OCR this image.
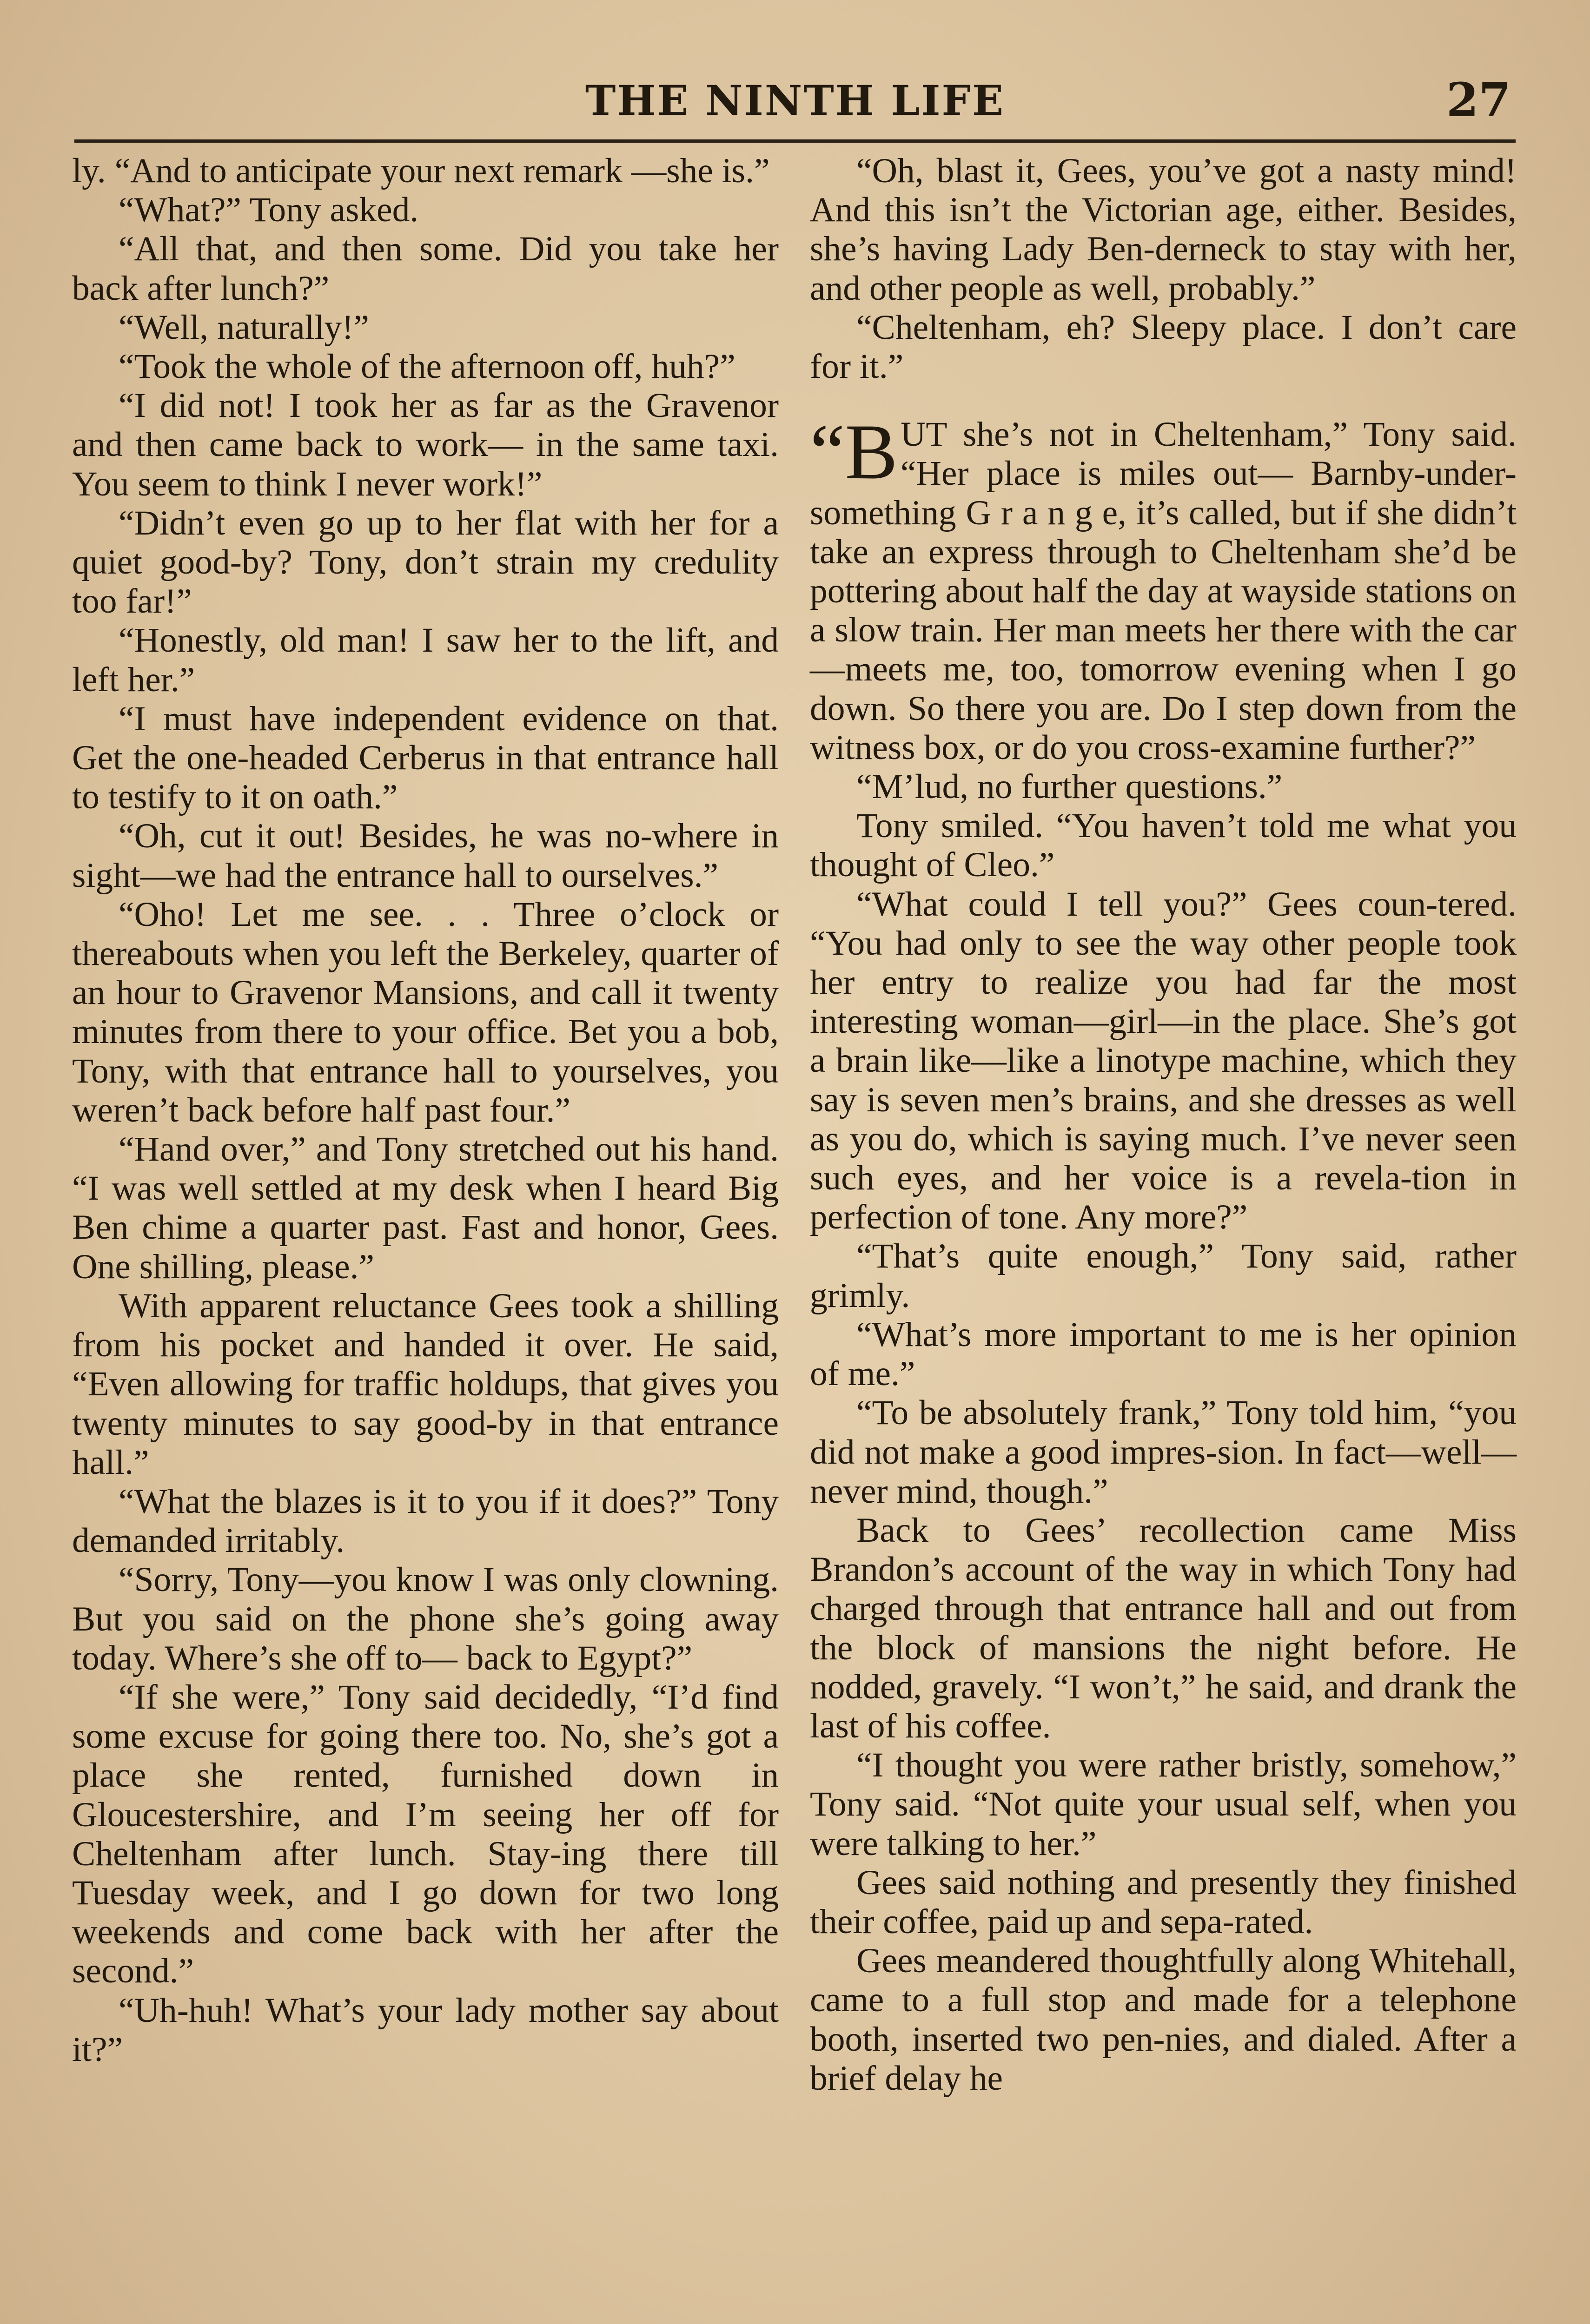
THE NINTH LIFE	27

ly. “And to anticipate your next remark —she is.”

“What?” Tony asked.

“All that, and then some. Did you take her back after lunch?”

“Well, naturally!”

“Took the whole of the afternoon off, huh?”

“I did not! I took her as far as the Gravenor and then came back to work— in the same taxi. You seem to think I never work!”

“Didn’t even go up to her flat with her for a quiet good-by? Tony, don’t strain my credulity too far!”

“Honestly, old man! I saw her to the lift, and left her.”

“I must have independent evidence on that. Get the one-headed Cerberus in that entrance hall to testify to it on oath.”

“Oh, cut it out! Besides, he was no-where in sight—we had the entrance hall to ourselves.”

“Oho! Let me see. . . Three o’clock or thereabouts when you left the Berkeley, quarter of an hour to Gravenor Mansions, and call it twenty minutes from there to your office. Bet you a bob, Tony, with that entrance hall to yourselves, you weren’t back before half past four.”

“Hand over,” and Tony stretched out his hand. “I was well settled at my desk when I heard Big Ben chime a quarter past. Fast and honor, Gees. One shilling, please.”

With apparent reluctance Gees took a shilling from his pocket and handed it over. He said, “Even allowing for traffic holdups, that gives you twenty minutes to say good-by in that entrance hall.”

“What the blazes is it to you if it does?” Tony demanded irritably.

“Sorry, Tony—you know I was only clowning. But you said on the phone she’s going away today. Where’s she off to— back to Egypt?”

“If she were,” Tony said decidedly, “I’d find some excuse for going there too. No, she’s got a place she rented, furnished down in Gloucestershire, and I’m seeing her off for Cheltenham after lunch. Stay-ing there till Tuesday week, and I go down for two long weekends and come back with her after the second.”

“Uh-huh! What’s your lady mother say about it?”

“Oh, blast it, Gees, you’ve got a nasty mind! And this isn’t the Victorian age, either. Besides, she’s having Lady Ben-derneck to stay with her, and other people as well, probably.”

“Cheltenham, eh? Sleepy place. I don’t care for it.”

“BUT she’s not in Cheltenham,” Tony said. “Her place is miles out— Barnby-under-something G r a n g e, it’s called, but if she didn’t take an express through to Cheltenham she’d be pottering about half the day at wayside stations on a slow train. Her man meets her there with the car—meets me, too, tomorrow evening when I go down. So there you are. Do I step down from the witness box, or do you cross-examine further?”

“M’lud, no further questions.”

Tony smiled. “You haven’t told me what you thought of Cleo.”

“What could I tell you?” Gees coun-tered. “You had only to see the way other people took her entry to realize you had far the most interesting woman—girl—in the place. She’s got a brain like—like a linotype machine, which they say is seven men’s brains, and she dresses as well as you do, which is saying much. I’ve never seen such eyes, and her voice is a revela-tion in perfection of tone. Any more?”

“That’s quite enough,” Tony said, rather grimly.

“What’s more important to me is her opinion of me.”

“To be absolutely frank,” Tony told him, “you did not make a good impres-sion. In fact—well—never mind, though.”

Back to Gees’ recollection came Miss Brandon’s account of the way in which Tony had charged through that entrance hall and out from the block of mansions the night before. He nodded, gravely. “I won’t,” he said, and drank the last of his coffee.

“I thought you were rather bristly, somehow,” Tony said. “Not quite your usual self, when you were talking to her.”

Gees said nothing and presently they finished their coffee, paid up and sepa-rated.

Gees meandered thoughtfully along Whitehall, came to a full stop and made for a telephone booth, inserted two pen-nies, and dialed. After a brief delay he
